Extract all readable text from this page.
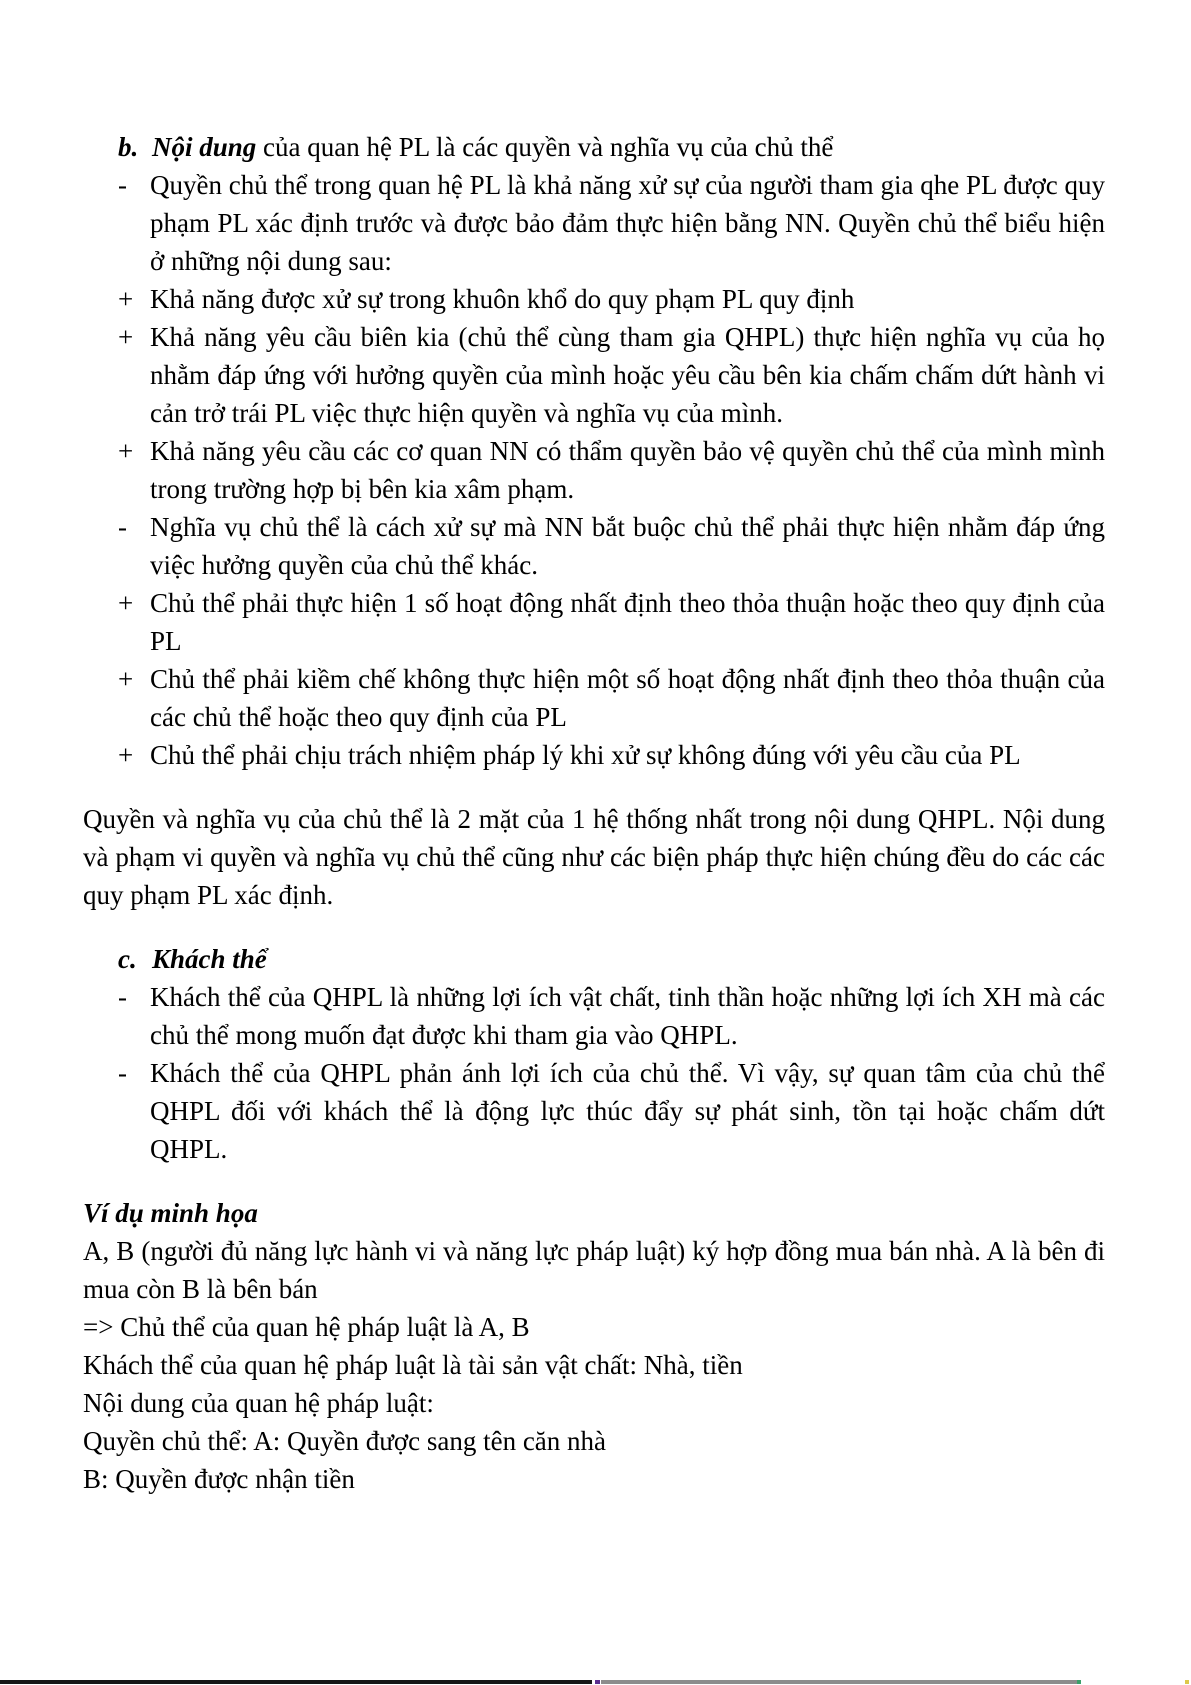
b. Nội dung của quan hệ PL là các quyền và nghĩa vụ của chủ thể
- Quyền chủ thể trong quan hệ PL là khả năng xử sự của người tham gia qhe PL được quy phạm PL xác định trước và được bảo đảm thực hiện bằng NN. Quyền chủ thể biểu hiện ở những nội dung sau:
+ Khả năng được xử sự trong khuôn khổ do quy phạm PL quy định
+ Khả năng yêu cầu biên kia (chủ thể cùng tham gia QHPL) thực hiện nghĩa vụ của họ nhằm đáp ứng với hưởng quyền của mình hoặc yêu cầu bên kia chấm chấm dứt hành vi cản trở trái PL việc thực hiện quyền và nghĩa vụ của mình.
+ Khả năng yêu cầu các cơ quan NN có thẩm quyền bảo vệ quyền chủ thể của mình mình trong trường hợp bị bên kia xâm phạm.
- Nghĩa vụ chủ thể là cách xử sự mà NN bắt buộc chủ thể phải thực hiện nhằm đáp ứng việc hưởng quyền của chủ thể khác.
+ Chủ thể phải thực hiện 1 số hoạt động nhất định theo thỏa thuận hoặc theo quy định của PL
+ Chủ thể phải kiềm chế không thực hiện một số hoạt động nhất định theo thỏa thuận của các chủ thể hoặc theo quy định của PL
+ Chủ thể phải chịu trách nhiệm pháp lý khi xử sự không đúng với yêu cầu của PL

Quyền và nghĩa vụ của chủ thể là 2 mặt của 1 hệ thống nhất trong nội dung QHPL. Nội dung và phạm vi quyền và nghĩa vụ chủ thể cũng như các biện pháp thực hiện chúng đều do các các quy phạm PL xác định.

c. Khách thể
- Khách thể của QHPL là những lợi ích vật chất, tinh thần hoặc những lợi ích XH mà các chủ thể mong muốn đạt được khi tham gia vào QHPL.
- Khách thể của QHPL phản ánh lợi ích của chủ thể. Vì vậy, sự quan tâm của chủ thể QHPL đối với khách thể là động lực thúc đẩy sự phát sinh, tồn tại hoặc chấm dứt QHPL.
Ví dụ minh họa
A, B (người đủ năng lực hành vi và năng lực pháp luật) ký hợp đồng mua bán nhà. A là bên đi mua còn B là bên bán
=> Chủ thể của quan hệ pháp luật là A, B
Khách thể của quan hệ pháp luật là tài sản vật chất: Nhà, tiền
Nội dung của quan hệ pháp luật:
Quyền chủ thể: A: Quyền được sang tên căn nhà
B: Quyền được nhận tiền
